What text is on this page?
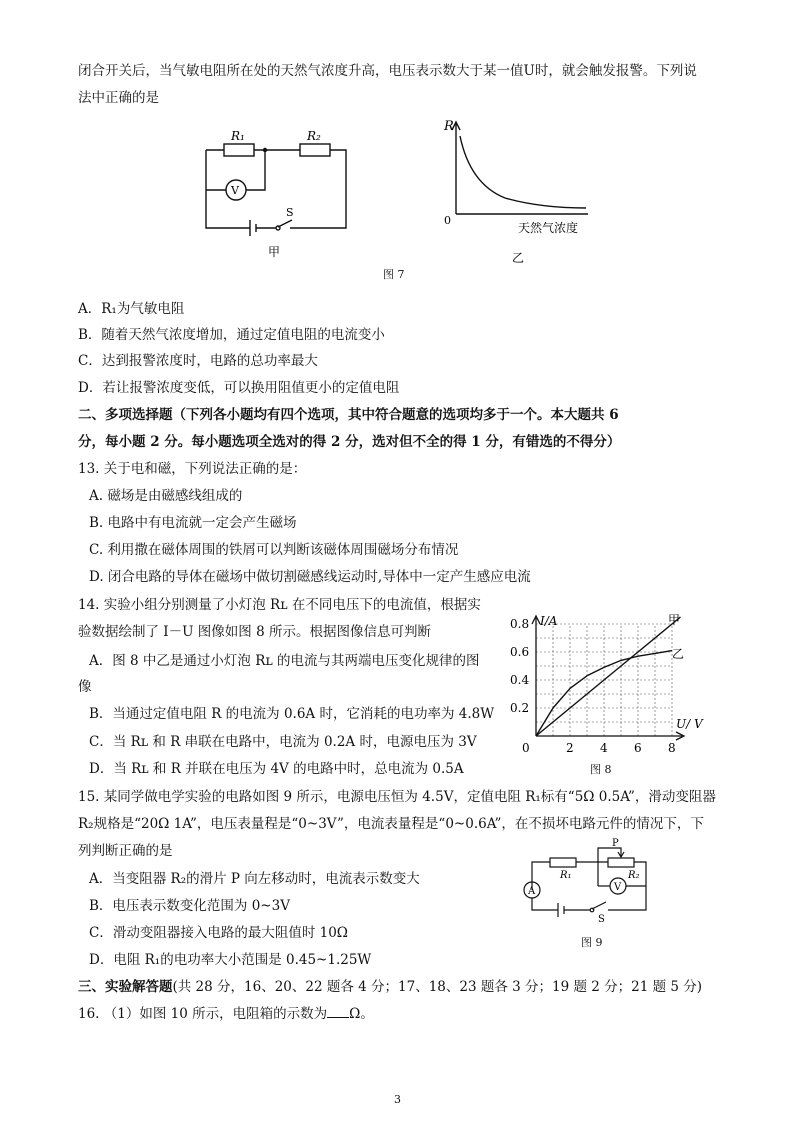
闭合开关后，当气敏电阻所在处的天然气浓度升高，电压表示数大于某一值U时，就会触发报警。下列说
法中正确的是
R₁	R₂
V
S
甲
R
0
天然气浓度
乙
图 7
A．R₁为气敏电阻
B．随着天然气浓度增加，通过定值电阻的电流变小
C．达到报警浓度时，电路的总功率最大
D．若让报警浓度变低，可以换用阻值更小的定值电阻
二、多项选择题（下列各小题均有四个选项，其中符合题意的选项均多于一个。本大题共 6
分，每小题 2 分。每小题选项全选对的得 2 分，选对但不全的得 1 分，有错选的不得分）
13. 关于电和磁，下列说法正确的是：
A. 磁场是由磁感线组成的
B. 电路中有电流就一定会产生磁场
C. 利用撒在磁体周围的铁屑可以判断该磁体周围磁场分布情况
D. 闭合电路的导体在磁场中做切割磁感线运动时,导体中一定产生感应电流
14. 实验小组分别测量了小灯泡 Rʟ 在不同电压下的电流值，根据实
验数据绘制了 I－U 图像如图 8 所示。根据图像信息可判断
A．图 8 中乙是通过小灯泡 Rʟ 的电流与其两端电压变化规律的图
像
B．当通过定值电阻 R 的电流为 0.6A 时，它消耗的电功率为 4.8W
C．当 Rʟ 和 R 串联在电路中，电流为 0.2A 时，电源电压为 3V
D．当 Rʟ 和 R 并联在电压为 4V 的电路中时，总电流为 0.5A
I/A
U/ V
0.8
0.6
0.4
0.2
0	2 4 6 8
甲
乙
图 8
15. 某同学做电学实验的电路如图 9 所示，电源电压恒为 4.5V，定值电阻 R₁标有“5Ω 0.5A”，滑动变阻器
R₂规格是“20Ω 1A”，电压表量程是“0~3V”，电流表量程是“0~0.6A”，在不损坏电路元件的情况下，下
列判断正确的是
A．当变阻器 R₂的滑片 P 向左移动时，电流表示数变大
B．电压表示数变化范围为 0~3V
C．滑动变阻器接入电路的最大阻值时 10Ω
D．电阻 R₁的电功率大小范围是 0.45~1.25W
P
R₁	R₂
A	V
S
图 9
三、实验解答题(共 28 分，16、20、22 题各 4 分；17、18、23 题各 3 分；19 题 2 分；21 题 5 分)
16. （1）如图 10 所示，电阻箱的示数为 Ω。
3
